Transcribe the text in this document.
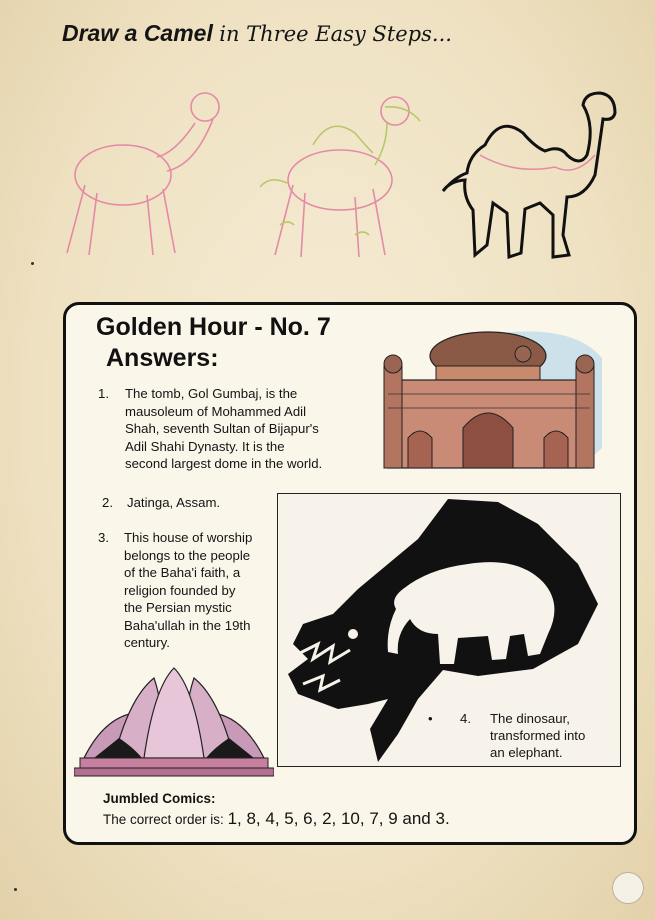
Draw a Camel in Three Easy Steps...
Golden Hour - No. 7
Answers:
1. The tomb, Gol Gumbaj, is the
mausoleum of Mohammed Adil
Shah, seventh Sultan of Bijapur's
Adil Shahi Dynasty. It is the
second largest dome in the world.
2. Jatinga, Assam.
3. This house of worship
belongs to the people
of the Baha'i faith, a
religion founded by
the Persian mystic
Baha'ullah in the 19th
century.
• 4. The dinosaur,
transformed into
an elephant.
Jumbled Comics:
The correct order is: 1, 8, 4, 5, 6, 2, 10, 7, 9 and 3.
